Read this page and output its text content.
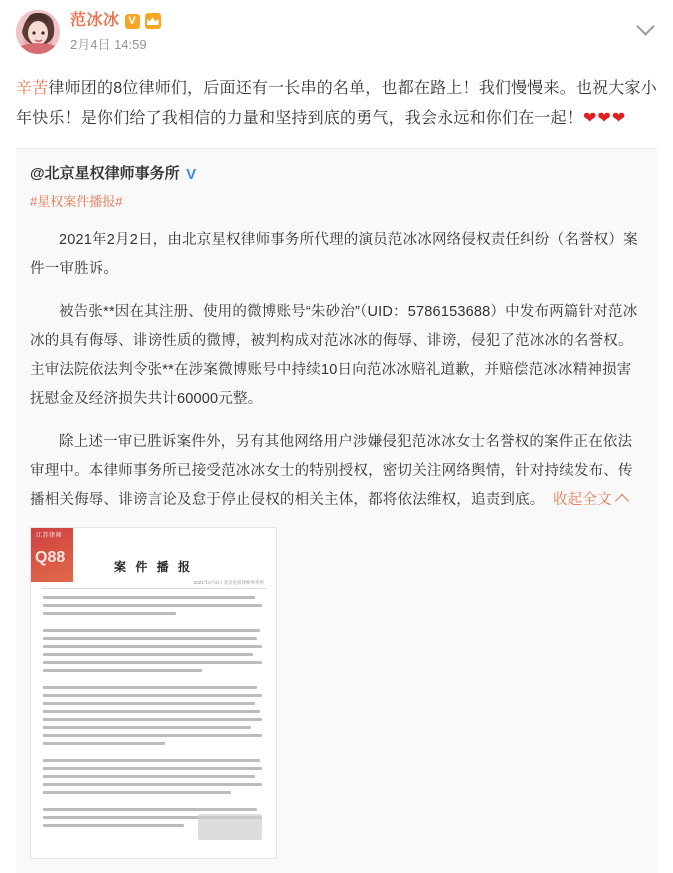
范冰冰 V
2月4日 14:59
辛苦律师团的8位律师们，后面还有一长串的名单，也都在路上！我们慢慢来。也祝大家小年快乐！是你们给了我相信的力量和坚持到底的勇气，我会永远和你们在一起！❤❤❤
@北京星权律师事务所 V
#星权案件播报#
2021年2月2日，由北京星权律师事务所代理的演员范冰冰网络侵权责任纠纷（名誉权）案件一审胜诉。
被告张**因在其注册、使用的微博账号“朱砂治”（UID：5786153688）中发布两篇针对范冰冰的具有侮辱、诽谤性质的微博，被判构成对范冰冰的侮辱、诽谤，侵犯了范冰冰的名誉权。主审法院依法判令张**在涉案微博账号中持续10日向范冰冰赔礼道歉，并赔偿范冰冰精神损害抚慰金及经济损失共计60000元整。
除上述一审已胜诉案件外，另有其他网络用户涉嫌侵犯范冰冰女士名誉权的案件正在依法审理中。本律师事务所已接受范冰冰女士的特别授权，密切关注网络舆情，针对持续发布、传播相关侮辱、诽谤言论及怠于停止侵权的相关主体，都将依法维权，追责到底。 收起全文
江苏律师
Q88
案 件 播 报
2021年2月2日 北京星权律师事务所
